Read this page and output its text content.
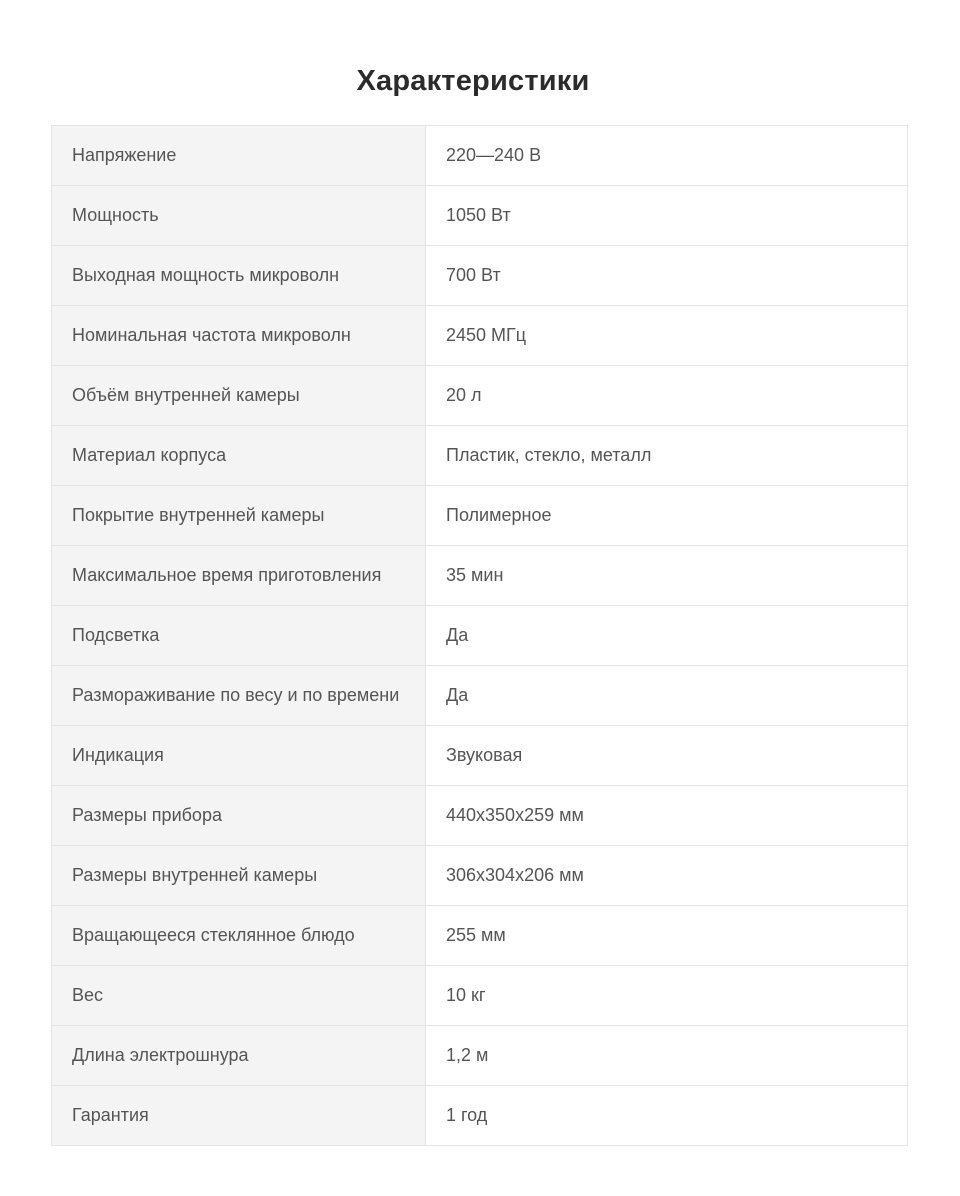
Характеристики
Напряжение	220—240 В
Мощность	1050 Вт
Выходная мощность микроволн	700 Вт
Номинальная частота микроволн	2450 МГц
Объём внутренней камеры	20 л
Материал корпуса	Пластик, стекло, металл
Покрытие внутренней камеры	Полимерное
Максимальное время приготовления	35 мин
Подсветка	Да
Размораживание по весу и по времени	Да
Индикация	Звуковая
Размеры прибора	440х350х259 мм
Размеры внутренней камеры	306х304х206 мм
Вращающееся стеклянное блюдо	255 мм
Вес	10 кг
Длина электрошнура	1,2 м
Гарантия	1 год
